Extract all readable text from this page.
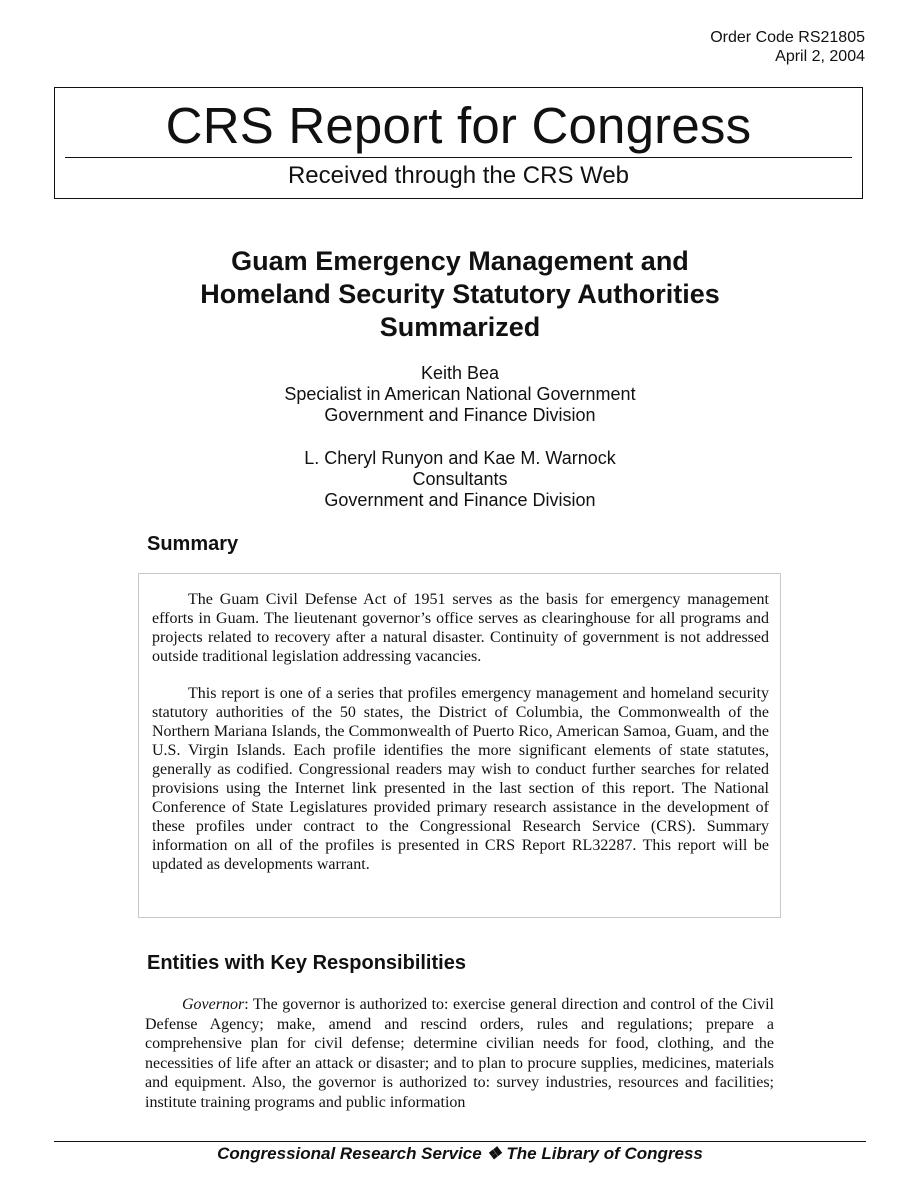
Order Code RS21805
April 2, 2004
CRS Report for Congress
Received through the CRS Web
Guam Emergency Management and
Homeland Security Statutory Authorities
Summarized
Keith Bea
Specialist in American National Government
Government and Finance Division
L. Cheryl Runyon and Kae M. Warnock
Consultants
Government and Finance Division
Summary

The Guam Civil Defense Act of 1951 serves as the basis for emergency management efforts in Guam. The lieutenant governor’s office serves as clearinghouse for all programs and projects related to recovery after a natural disaster. Continuity of government is not addressed outside traditional legislation addressing vacancies.

This report is one of a series that profiles emergency management and homeland security statutory authorities of the 50 states, the District of Columbia, the Commonwealth of the Northern Mariana Islands, the Commonwealth of Puerto Rico, American Samoa, Guam, and the U.S. Virgin Islands. Each profile identifies the more significant elements of state statutes, generally as codified. Congressional readers may wish to conduct further searches for related provisions using the Internet link presented in the last section of this report. The National Conference of State Legislatures provided primary research assistance in the development of these profiles under contract to the Congressional Research Service (CRS). Summary information on all of the profiles is presented in CRS Report RL32287. This report will be updated as developments warrant.

Entities with Key Responsibilities

Governor: The governor is authorized to: exercise general direction and control of the Civil Defense Agency; make, amend and rescind orders, rules and regulations; prepare a comprehensive plan for civil defense; determine civilian needs for food, clothing, and the necessities of life after an attack or disaster; and to plan to procure supplies, medicines, materials and equipment. Also, the governor is authorized to: survey industries, resources and facilities; institute training programs and public information

Congressional Research Service ❖ The Library of Congress
